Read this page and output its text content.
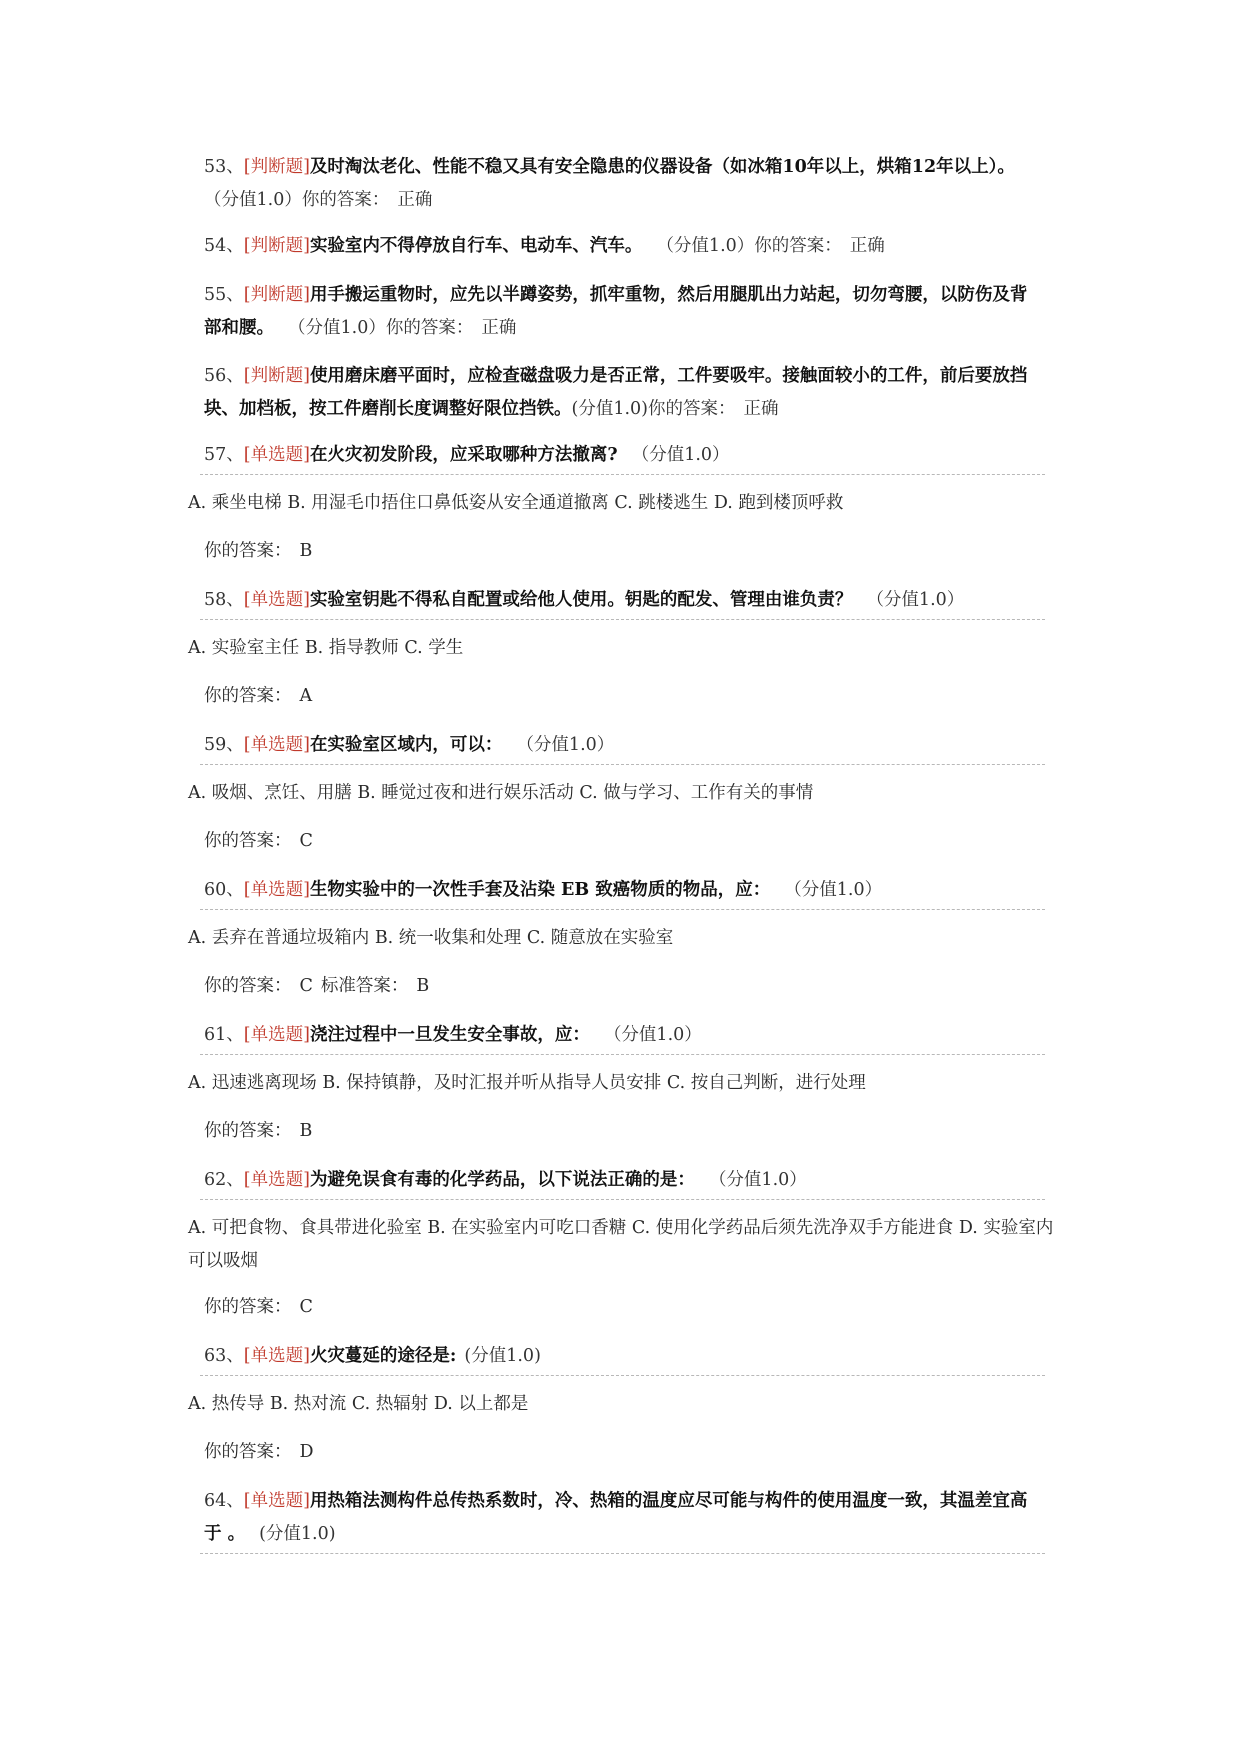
53、[判断题]及时淘汰老化、性能不稳又具有安全隐患的仪器设备（如冰箱10年以上，烘箱12年以上）。（分值1.0）你的答案： 正确
54、[判断题]实验室内不得停放自行车、电动车、汽车。 （分值1.0）你的答案： 正确
55、[判断题]用手搬运重物时，应先以半蹲姿势，抓牢重物，然后用腿肌出力站起，切勿弯腰，以防伤及背部和腰。 （分值1.0）你的答案： 正确
56、[判断题]使用磨床磨平面时，应检查磁盘吸力是否正常，工件要吸牢。接触面较小的工件，前后要放挡块、加档板，按工件磨削长度调整好限位挡铁。(分值1.0)你的答案： 正确
57、[单选题]在火灾初发阶段，应采取哪种方法撤离? （分值1.0）
A. 乘坐电梯 B. 用湿毛巾捂住口鼻低姿从安全通道撤离 C. 跳楼逃生 D. 跑到楼顶呼救
你的答案： B
58、[单选题]实验室钥匙不得私自配置或给他人使用。钥匙的配发、管理由谁负责？ （分值1.0）
A. 实验室主任 B. 指导教师 C. 学生
你的答案： A
59、[单选题]在实验室区域内，可以： （分值1.0）
A. 吸烟、烹饪、用膳 B. 睡觉过夜和进行娱乐活动 C. 做与学习、工作有关的事情
你的答案： C
60、[单选题]生物实验中的一次性手套及沾染 EB 致癌物质的物品，应： （分值1.0）
A. 丢弃在普通垃圾箱内 B. 统一收集和处理 C. 随意放在实验室
你的答案： C 标准答案： B
61、[单选题]浇注过程中一旦发生安全事故，应： （分值1.0）
A. 迅速逃离现场 B. 保持镇静，及时汇报并听从指导人员安排 C. 按自己判断，进行处理
你的答案： B
62、[单选题]为避免误食有毒的化学药品，以下说法正确的是： （分值1.0）
A. 可把食物、食具带进化验室 B. 在实验室内可吃口香糖 C. 使用化学药品后须先洗净双手方能进食 D. 实验室内可以吸烟
你的答案： C
63、[单选题]火灾蔓延的途径是: (分值1.0)
A. 热传导 B. 热对流 C. 热辐射 D. 以上都是
你的答案： D
64、[单选题]用热箱法测构件总传热系数时，冷、热箱的温度应尽可能与构件的使用温度一致，其温差宜高于 。 (分值1.0)
